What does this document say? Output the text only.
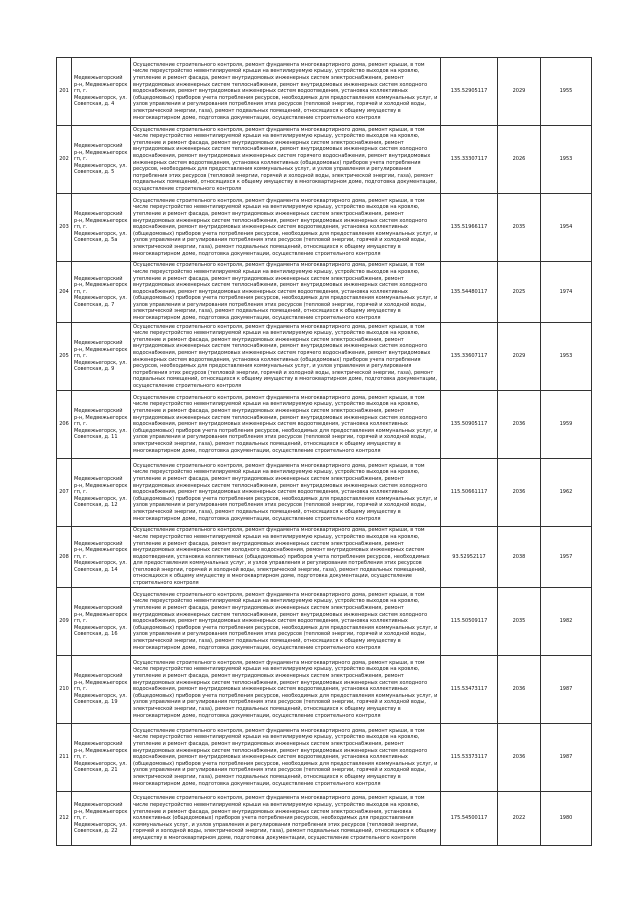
201	Медвежьегорский р-н, Медвежьегорск гп, г. Медвежьегорск, ул. Советская, д. 4	Осуществление строительного контроля, ремонт фундамента многоквартирного дома, ремонт крыши, в том числе переустройство невентилируемой крыши на вентилируемую крышу, устройство выходов на кровлю, утепление и ремонт фасада, ремонт внутридомовых инженерных систем электроснабжения, ремонт внутридомовых инженерных систем теплоснабжения, ремонт внутридомовых инженерных систем холодного водоснабжения, ремонт внутридомовых инженерных систем водоотведения, установка коллективных (общедомовых) приборов учета потребления ресурсов, необходимых для предоставления коммунальных услуг, и узлов управления и регулирования потребления этих ресурсов (тепловой энергии, горячей и холодной воды, электрической энергии, газа), ремонт подвальных помещений, относящихся к общему имуществу в многоквартирном доме, подготовка документации, осуществление строительного контроля	135.52905117	2029	1955
202	Медвежьегорский р-н, Медвежьегорск гп, г. Медвежьегорск, ул. Советская, д. 5	Осуществление строительного контроля, ремонт фундамента многоквартирного дома, ремонт крыши, в том числе переустройство невентилируемой крыши на вентилируемую крышу, устройство выходов на кровлю, утепление и ремонт фасада, ремонт внутридомовых инженерных систем электроснабжения, ремонт внутридомовых инженерных систем теплоснабжения, ремонт внутридомовых инженерных систем холодного водоснабжения, ремонт внутридомовых инженерных систем горячего водоснабжения, ремонт внутридомовых инженерных систем водоотведения, установка коллективных (общедомовых) приборов учета потребления ресурсов, необходимых для предоставления коммунальных услуг, и узлов управления и регулирования потребления этих ресурсов (тепловой энергии, горячей и холодной воды, электрической энергии, газа), ремонт подвальных помещений, относящихся к общему имуществу в многоквартирном доме, подготовка документации, осуществление строительного контроля	135.33307117	2026	1953
203	Медвежьегорский р-н, Медвежьегорск гп, г. Медвежьегорск, ул. Советская, д. 5а	Осуществление строительного контроля, ремонт фундамента многоквартирного дома, ремонт крыши, в том числе переустройство невентилируемой крыши на вентилируемую крышу, устройство выходов на кровлю, утепление и ремонт фасада, ремонт внутридомовых инженерных систем электроснабжения, ремонт внутридомовых инженерных систем теплоснабжения, ремонт внутридомовых инженерных систем холодного водоснабжения, ремонт внутридомовых инженерных систем водоотведения, установка коллективных (общедомовых) приборов учета потребления ресурсов, необходимых для предоставления коммунальных услуг, и узлов управления и регулирования потребления этих ресурсов (тепловой энергии, горячей и холодной воды, электрической энергии, газа), ремонт подвальных помещений, относящихся к общему имуществу в многоквартирном доме, подготовка документации, осуществление строительного контроля	135.51966117	2035	1954
204	Медвежьегорский р-н, Медвежьегорск гп, г. Медвежьегорск, ул. Советская, д. 7	Осуществление строительного контроля, ремонт фундамента многоквартирного дома, ремонт крыши, в том числе переустройство невентилируемой крыши на вентилируемую крышу, устройство выходов на кровлю, утепление и ремонт фасада, ремонт внутридомовых инженерных систем электроснабжения, ремонт внутридомовых инженерных систем теплоснабжения, ремонт внутридомовых инженерных систем холодного водоснабжения, ремонт внутридомовых инженерных систем водоотведения, установка коллективных (общедомовых) приборов учета потребления ресурсов, необходимых для предоставления коммунальных услуг, и узлов управления и регулирования потребления этих ресурсов (тепловой энергии, горячей и холодной воды, электрической энергии, газа), ремонт подвальных помещений, относящихся к общему имуществу в многоквартирном доме, подготовка документации, осуществление строительного контроля	135.54480117	2025	1974
205	Медвежьегорский р-н, Медвежьегорск гп, г. Медвежьегорск, ул. Советская, д. 9	Осуществление строительного контроля, ремонт фундамента многоквартирного дома, ремонт крыши, в том числе переустройство невентилируемой крыши на вентилируемую крышу, устройство выходов на кровлю, утепление и ремонт фасада, ремонт внутридомовых инженерных систем электроснабжения, ремонт внутридомовых инженерных систем теплоснабжения, ремонт внутридомовых инженерных систем холодного водоснабжения, ремонт внутридомовых инженерных систем горячего водоснабжения, ремонт внутридомовых инженерных систем водоотведения, установка коллективных (общедомовых) приборов учета потребления ресурсов, необходимых для предоставления коммунальных услуг, и узлов управления и регулирования потребления этих ресурсов (тепловой энергии, горячей и холодной воды, электрической энергии, газа), ремонт подвальных помещений, относящихся к общему имуществу в многоквартирном доме, подготовка документации, осуществление строительного контроля	135.33607117	2029	1953
206	Медвежьегорский р-н, Медвежьегорск гп, г. Медвежьегорск, ул. Советская, д. 11	Осуществление строительного контроля, ремонт фундамента многоквартирного дома, ремонт крыши, в том числе переустройство невентилируемой крыши на вентилируемую крышу, устройство выходов на кровлю, утепление и ремонт фасада, ремонт внутридомовых инженерных систем электроснабжения, ремонт внутридомовых инженерных систем теплоснабжения, ремонт внутридомовых инженерных систем холодного водоснабжения, ремонт внутридомовых инженерных систем водоотведения, установка коллективных (общедомовых) приборов учета потребления ресурсов, необходимых для предоставления коммунальных услуг, и узлов управления и регулирования потребления этих ресурсов (тепловой энергии, горячей и холодной воды, электрической энергии, газа), ремонт подвальных помещений, относящихся к общему имуществу в многоквартирном доме, подготовка документации, осуществление строительного контроля	135.50905117	2036	1959
207	Медвежьегорский р-н, Медвежьегорск гп, г. Медвежьегорск, ул. Советская, д. 12	Осуществление строительного контроля, ремонт фундамента многоквартирного дома, ремонт крыши, в том числе переустройство невентилируемой крыши на вентилируемую крышу, устройство выходов на кровлю, утепление и ремонт фасада, ремонт внутридомовых инженерных систем электроснабжения, ремонт внутридомовых инженерных систем теплоснабжения, ремонт внутридомовых инженерных систем холодного водоснабжения, ремонт внутридомовых инженерных систем водоотведения, установка коллективных (общедомовых) приборов учета потребления ресурсов, необходимых для предоставления коммунальных услуг, и узлов управления и регулирования потребления этих ресурсов (тепловой энергии, горячей и холодной воды, электрической энергии, газа), ремонт подвальных помещений, относящихся к общему имуществу в многоквартирном доме, подготовка документации, осуществление строительного контроля	115.50661117	2036	1962
208	Медвежьегорский р-н, Медвежьегорск гп, г. Медвежьегорск, ул. Советская, д. 14	Осуществление строительного контроля, ремонт фундамента многоквартирного дома, ремонт крыши, в том числе переустройство невентилируемой крыши на вентилируемую крышу, устройство выходов на кровлю, утепление и ремонт фасада, ремонт внутридомовых инженерных систем электроснабжения, ремонт внутридомовых инженерных систем холодного водоснабжения, ремонт внутридомовых инженерных систем водоотведения, установка коллективных (общедомовых) приборов учета потребления ресурсов, необходимых для предоставления коммунальных услуг, и узлов управления и регулирования потребления этих ресурсов (тепловой энергии, горячей и холодной воды, электрической энергии, газа), ремонт подвальных помещений, относящихся к общему имуществу в многоквартирном доме, подготовка документации, осуществление строительного контроля	93.52952117	2038	1957
209	Медвежьегорский р-н, Медвежьегорск гп, г. Медвежьегорск, ул. Советская, д. 16	Осуществление строительного контроля, ремонт фундамента многоквартирного дома, ремонт крыши, в том числе переустройство невентилируемой крыши на вентилируемую крышу, устройство выходов на кровлю, утепление и ремонт фасада, ремонт внутридомовых инженерных систем электроснабжения, ремонт внутридомовых инженерных систем теплоснабжения, ремонт внутридомовых инженерных систем холодного водоснабжения, ремонт внутридомовых инженерных систем водоотведения, установка коллективных (общедомовых) приборов учета потребления ресурсов, необходимых для предоставления коммунальных услуг, и узлов управления и регулирования потребления этих ресурсов (тепловой энергии, горячей и холодной воды, электрической энергии, газа), ремонт подвальных помещений, относящихся к общему имуществу в многоквартирном доме, подготовка документации, осуществление строительного контроля	115.50509117	2035	1982
210	Медвежьегорский р-н, Медвежьегорск гп, г. Медвежьегорск, ул. Советская, д. 19	Осуществление строительного контроля, ремонт фундамента многоквартирного дома, ремонт крыши, в том числе переустройство невентилируемой крыши на вентилируемую крышу, устройство выходов на кровлю, утепление и ремонт фасада, ремонт внутридомовых инженерных систем электроснабжения, ремонт внутридомовых инженерных систем теплоснабжения, ремонт внутридомовых инженерных систем холодного водоснабжения, ремонт внутридомовых инженерных систем водоотведения, установка коллективных (общедомовых) приборов учета потребления ресурсов, необходимых для предоставления коммунальных услуг, и узлов управления и регулирования потребления этих ресурсов (тепловой энергии, горячей и холодной воды, электрической энергии, газа), ремонт подвальных помещений, относящихся к общему имуществу в многоквартирном доме, подготовка документации, осуществление строительного контроля	115.53473117	2036	1987
211	Медвежьегорский р-н, Медвежьегорск гп, г. Медвежьегорск, ул. Советская, д. 21	Осуществление строительного контроля, ремонт фундамента многоквартирного дома, ремонт крыши, в том числе переустройство невентилируемой крыши на вентилируемую крышу, устройство выходов на кровлю, утепление и ремонт фасада, ремонт внутридомовых инженерных систем электроснабжения, ремонт внутридомовых инженерных систем теплоснабжения, ремонт внутридомовых инженерных систем холодного водоснабжения, ремонт внутридомовых инженерных систем водоотведения, установка коллективных (общедомовых) приборов учета потребления ресурсов, необходимых для предоставления коммунальных услуг, и узлов управления и регулирования потребления этих ресурсов (тепловой энергии, горячей и холодной воды, электрической энергии, газа), ремонт подвальных помещений, относящихся к общему имуществу в многоквартирном доме, подготовка документации, осуществление строительного контроля	115.53373117	2036	1987
212	Медвежьегорский р-н, Медвежьегорск гп, г. Медвежьегорск, ул. Советская, д. 22	Осуществление строительного контроля, ремонт фундамента многоквартирного дома, ремонт крыши, в том числе переустройство невентилируемой крыши на вентилируемую крышу, устройство выходов на кровлю, утепление и ремонт фасада, ремонт внутридомовых инженерных систем электроснабжения, установка коллективных (общедомовых) приборов учета потребления ресурсов, необходимых для предоставления коммунальных услуг, и узлов управления и регулирования потребления этих ресурсов (тепловой энергии, горячей и холодной воды, электрической энергии, газа), ремонт подвальных помещений, относящихся к общему имуществу в многоквартирном доме, подготовка документации, осуществление строительного контроля	175.54500117	2022	1980
